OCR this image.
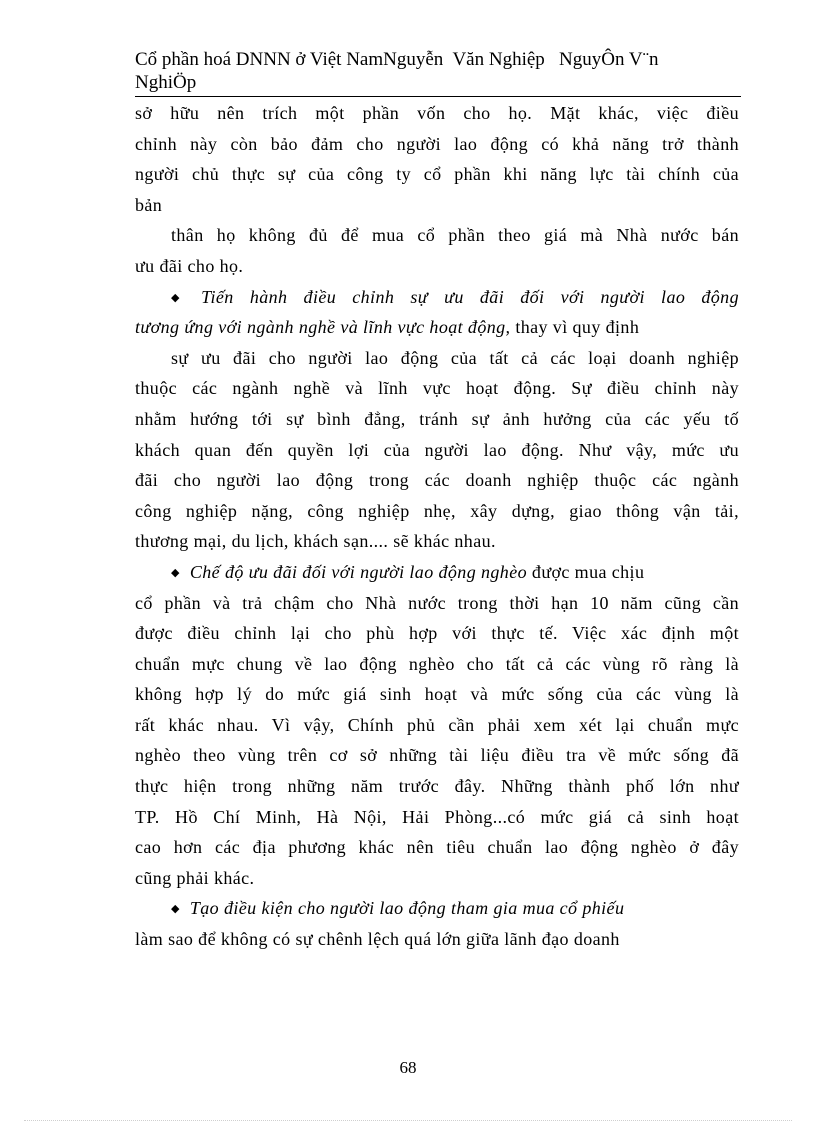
Cổ phần hoá DNNN ở Việt NamNguyễn  Văn Nghiệp NguyÔn V¨n
NghiÖp
sở hữu nên trích một phần vốn cho họ. Mặt khác, việc điều
chỉnh này còn bảo đảm cho người lao động có khả năng trở thành
người chủ thực sự của công ty cổ phần khi năng lực tài chính của
bản
thân họ không đủ để mua cổ phần theo giá mà Nhà nước bán
ưu đãi cho họ.
◆ Tiến hành điều chỉnh sự ưu đãi đối với người lao động
tương ứng với ngành nghề và lĩnh vực hoạt động, thay vì quy định
sự ưu đãi cho người lao động của tất cả các loại doanh nghiệp
thuộc các ngành nghề và lĩnh vực hoạt động. Sự điều chỉnh này
nhằm hướng tới sự bình đẳng, tránh sự ảnh hưởng của các yếu tố
khách quan đến quyền lợi của người lao động. Như vậy, mức ưu
đãi cho người lao động trong các doanh nghiệp thuộc các ngành
công nghiệp nặng, công nghiệp nhẹ, xây dựng, giao thông vận tải,
thương mại, du lịch, khách sạn.... sẽ khác nhau.
◆ Chế độ ưu đãi đối với người lao động nghèo được mua chịu
cổ phần và trả chậm cho Nhà nước trong thời hạn 10 năm cũng cần
được điều chỉnh lại cho phù hợp với thực tế. Việc xác định một
chuẩn mực chung về lao động nghèo cho tất cả các vùng rõ ràng là
không hợp lý do mức giá sinh hoạt và mức sống của các vùng là
rất khác nhau. Vì vậy, Chính phủ cần phải xem xét lại chuẩn mực
nghèo theo vùng trên cơ sở những tài liệu điều tra về mức sống đã
thực hiện trong những năm trước đây. Những thành phố lớn như
TP. Hồ Chí Minh, Hà Nội, Hải Phòng...có mức giá cả sinh hoạt
cao hơn các địa phương khác nên tiêu chuẩn lao động nghèo ở đây
cũng phải khác.
◆ Tạo điều kiện cho người lao động tham gia mua cổ phiếu
làm sao để không có sự chênh lệch quá lớn giữa lãnh đạo doanh
68
